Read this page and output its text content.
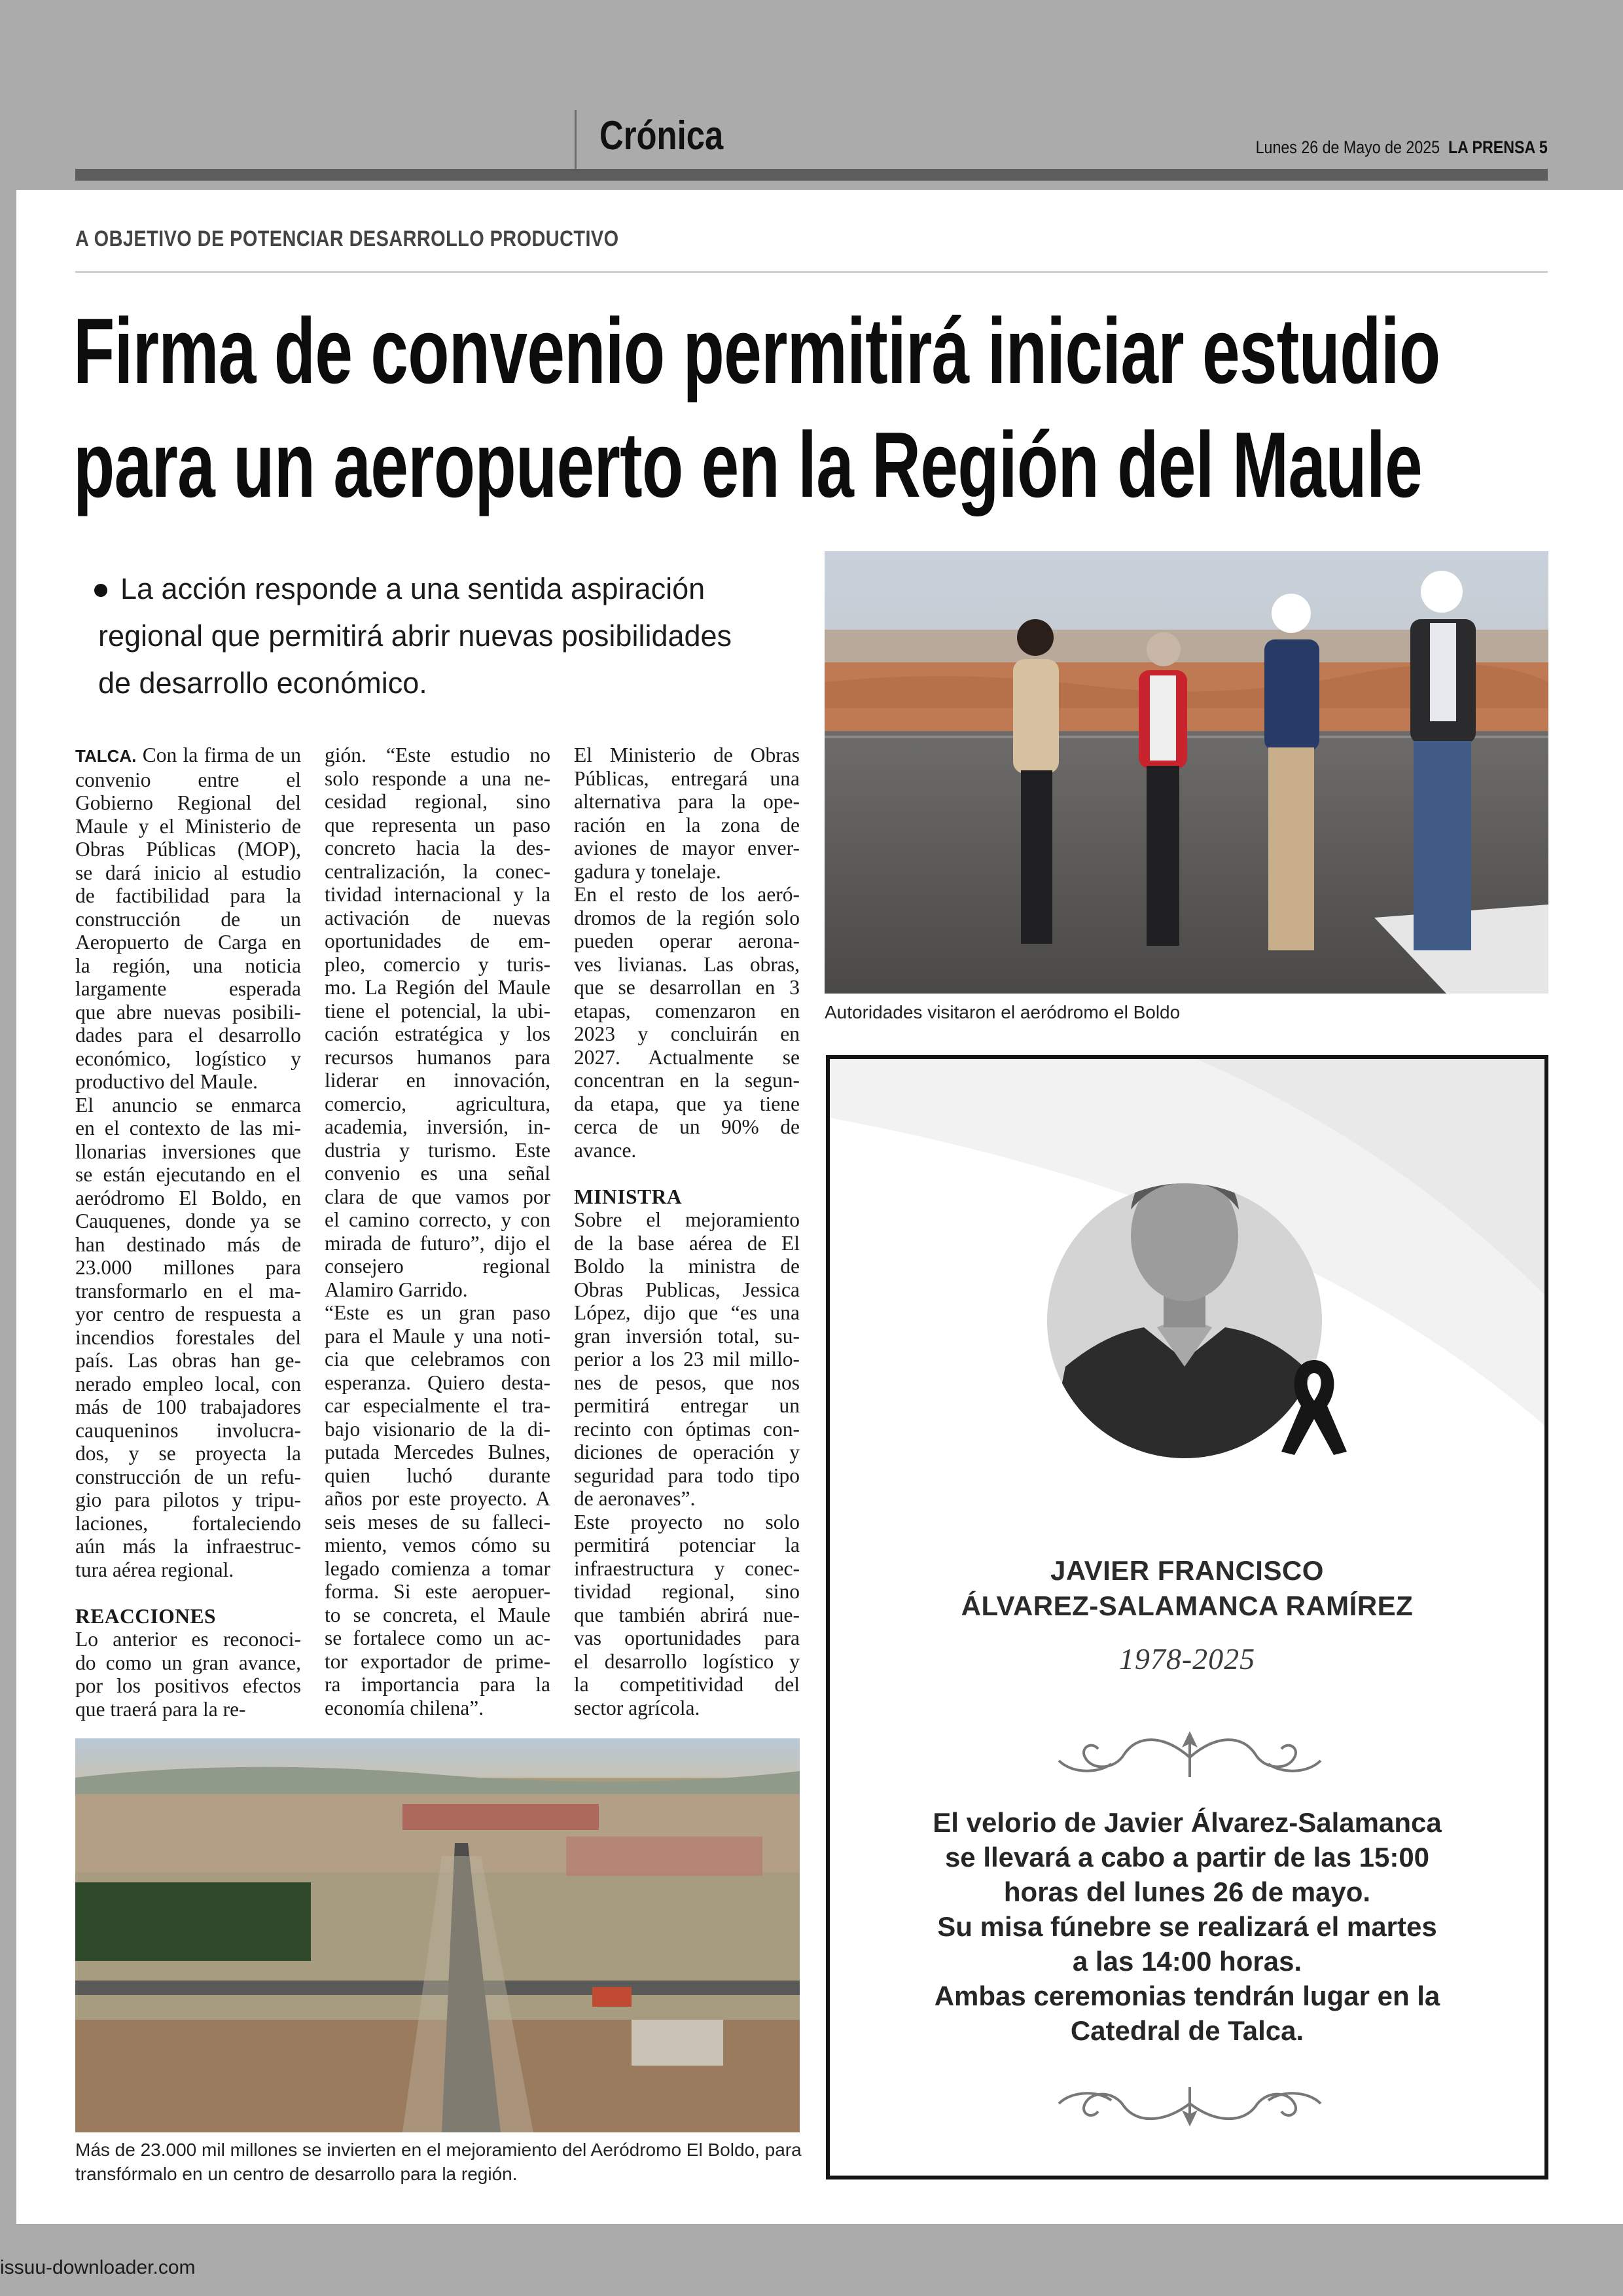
Crónica	Lunes 26 de Mayo de 2025 LA PRENSA 5
A OBJETIVO DE POTENCIAR DESARROLLO PRODUCTIVO
Firma de convenio permitirá iniciar estudio
para un aeropuerto en la Región del Maule
La acción responde a una sentida aspiración
regional que permitirá abrir nuevas posibilidades
de desarrollo económico.
TALCA. Con la firma de un
convenio entre el
Gobierno Regional del
Maule y el Ministerio de
Obras Públicas (MOP),
se dará inicio al estudio
de factibilidad para la
construcción de un
Aeropuerto de Carga en
la región, una noticia
largamente esperada
que abre nuevas posibili-
dades para el desarrollo
económico, logístico y
productivo del Maule.
El anuncio se enmarca
en el contexto de las mi-
llonarias inversiones que
se están ejecutando en el
aeródromo El Boldo, en
Cauquenes, donde ya se
han destinado más de
23.000 millones para
transformarlo en el ma-
yor centro de respuesta a
incendios forestales del
país. Las obras han ge-
nerado empleo local, con
más de 100 trabajadores
cauqueninos involucra-
dos, y se proyecta la
construcción de un refu-
gio para pilotos y tripu-
laciones, fortaleciendo
aún más la infraestruc-
tura aérea regional.
REACCIONES
Lo anterior es reconoci-
do como un gran avance,
por los positivos efectos
que traerá para la re-
gión. “Este estudio no
solo responde a una ne-
cesidad regional, sino
que representa un paso
concreto hacia la des-
centralización, la conec-
tividad internacional y la
activación de nuevas
oportunidades de em-
pleo, comercio y turis-
mo. La Región del Maule
tiene el potencial, la ubi-
cación estratégica y los
recursos humanos para
liderar en innovación,
comercio, agricultura,
academia, inversión, in-
dustria y turismo. Este
convenio es una señal
clara de que vamos por
el camino correcto, y con
mirada de futuro”, dijo el
consejero regional
Alamiro Garrido.
“Este es un gran paso
para el Maule y una noti-
cia que celebramos con
esperanza. Quiero desta-
car especialmente el tra-
bajo visionario de la di-
putada Mercedes Bulnes,
quien luchó durante
años por este proyecto. A
seis meses de su falleci-
miento, vemos cómo su
legado comienza a tomar
forma. Si este aeropuer-
to se concreta, el Maule
se fortalece como un ac-
tor exportador de prime-
ra importancia para la
economía chilena”.
El Ministerio de Obras
Públicas, entregará una
alternativa para la ope-
ración en la zona de
aviones de mayor enver-
gadura y tonelaje.
En el resto de los aeró-
dromos de la región solo
pueden operar aerona-
ves livianas. Las obras,
que se desarrollan en 3
etapas, comenzaron en
2023 y concluirán en
2027. Actualmente se
concentran en la segun-
da etapa, que ya tiene
cerca de un 90% de
avance.
MINISTRA
Sobre el mejoramiento
de la base aérea de El
Boldo la ministra de
Obras Publicas, Jessica
López, dijo que “es una
gran inversión total, su-
perior a los 23 mil millo-
nes de pesos, que nos
permitirá entregar un
recinto con óptimas con-
diciones de operación y
seguridad para todo tipo
de aeronaves”.
Este proyecto no solo
permitirá potenciar la
infraestructura y conec-
tividad regional, sino
que también abrirá nue-
vas oportunidades para
el desarrollo logístico y
la competitividad del
sector agrícola.
Autoridades visitaron el aeródromo el Boldo
Más de 23.000 mil millones se invierten en el mejoramiento del Aeródromo El Boldo, para transfórmalo en un centro de desarrollo para la región.
JAVIER FRANCISCO
ÁLVAREZ-SALAMANCA RAMÍREZ
1978-2025
El velorio de Javier Álvarez-Salamanca
se llevará a cabo a partir de las 15:00
horas del lunes 26 de mayo.
Su misa fúnebre se realizará el martes
a las 14:00 horas.
Ambas ceremonias tendrán lugar en la
Catedral de Talca.
issuu-downloader.com
